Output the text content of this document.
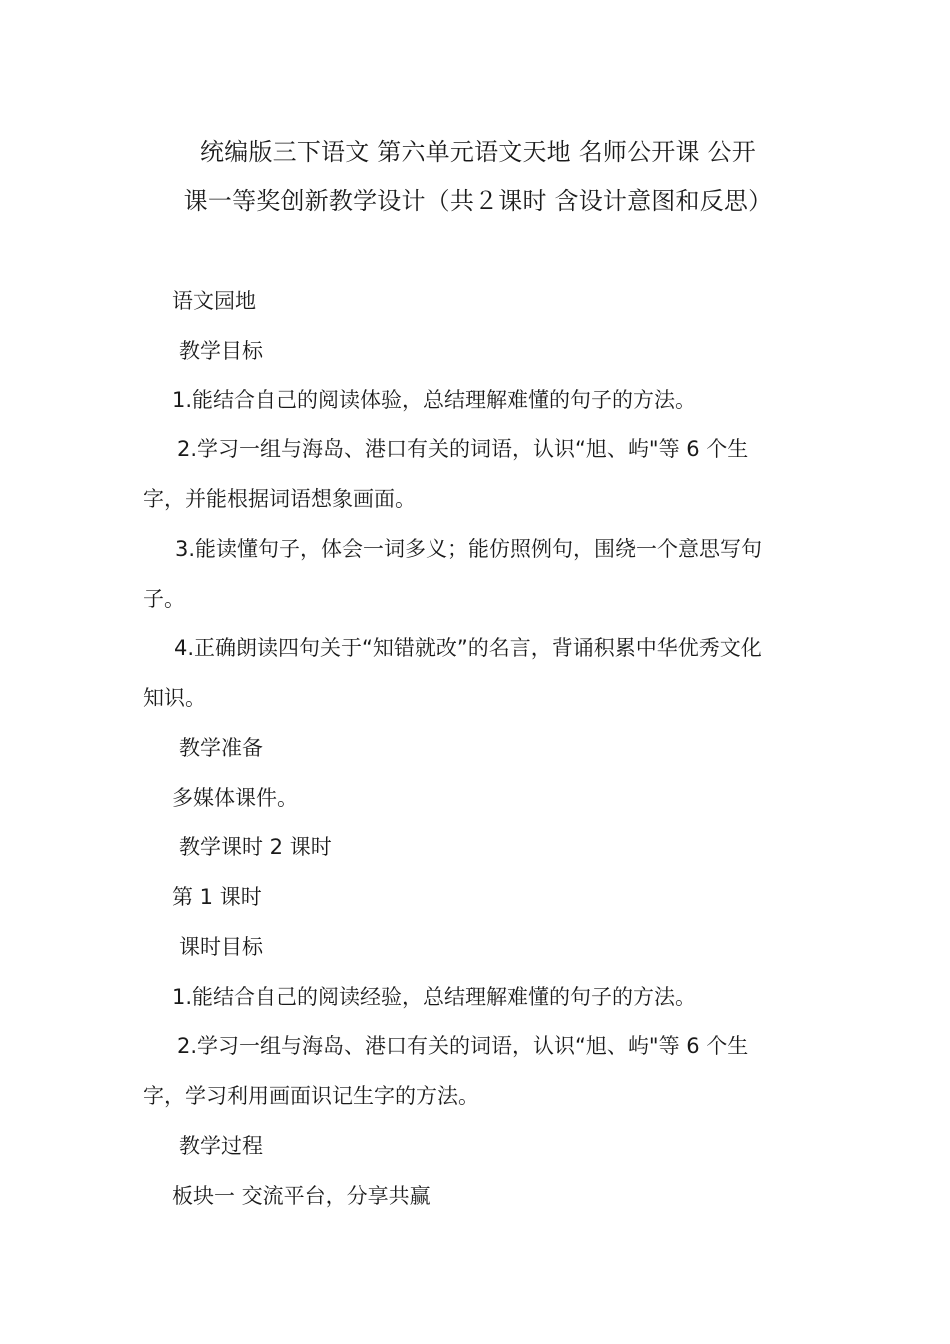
统编版三下语文 第六单元语文天地 名师公开课 公开
课一等奖创新教学设计（共２课时 含设计意图和反思）
语文园地
教学目标
1.能结合自己的阅读体验，总结理解难懂的句子的方法。
2.学习一组与海岛、港口有关的词语，认识“旭、屿"等 6 个生
字，并能根据词语想象画面。
3.能读懂句子，体会一词多义；能仿照例句，围绕一个意思写句
子。
4.正确朗读四句关于“知错就改”的名言，背诵积累中华优秀文化
知识。
教学准备
多媒体课件。
教学课时 2 课时
第 1 课时
课时目标
1.能结合自己的阅读经验，总结理解难懂的句子的方法。
2.学习一组与海岛、港口有关的词语，认识“旭、屿"等 6 个生
字，学习利用画面识记生字的方法。
教学过程
板块一 交流平台，分享共赢
